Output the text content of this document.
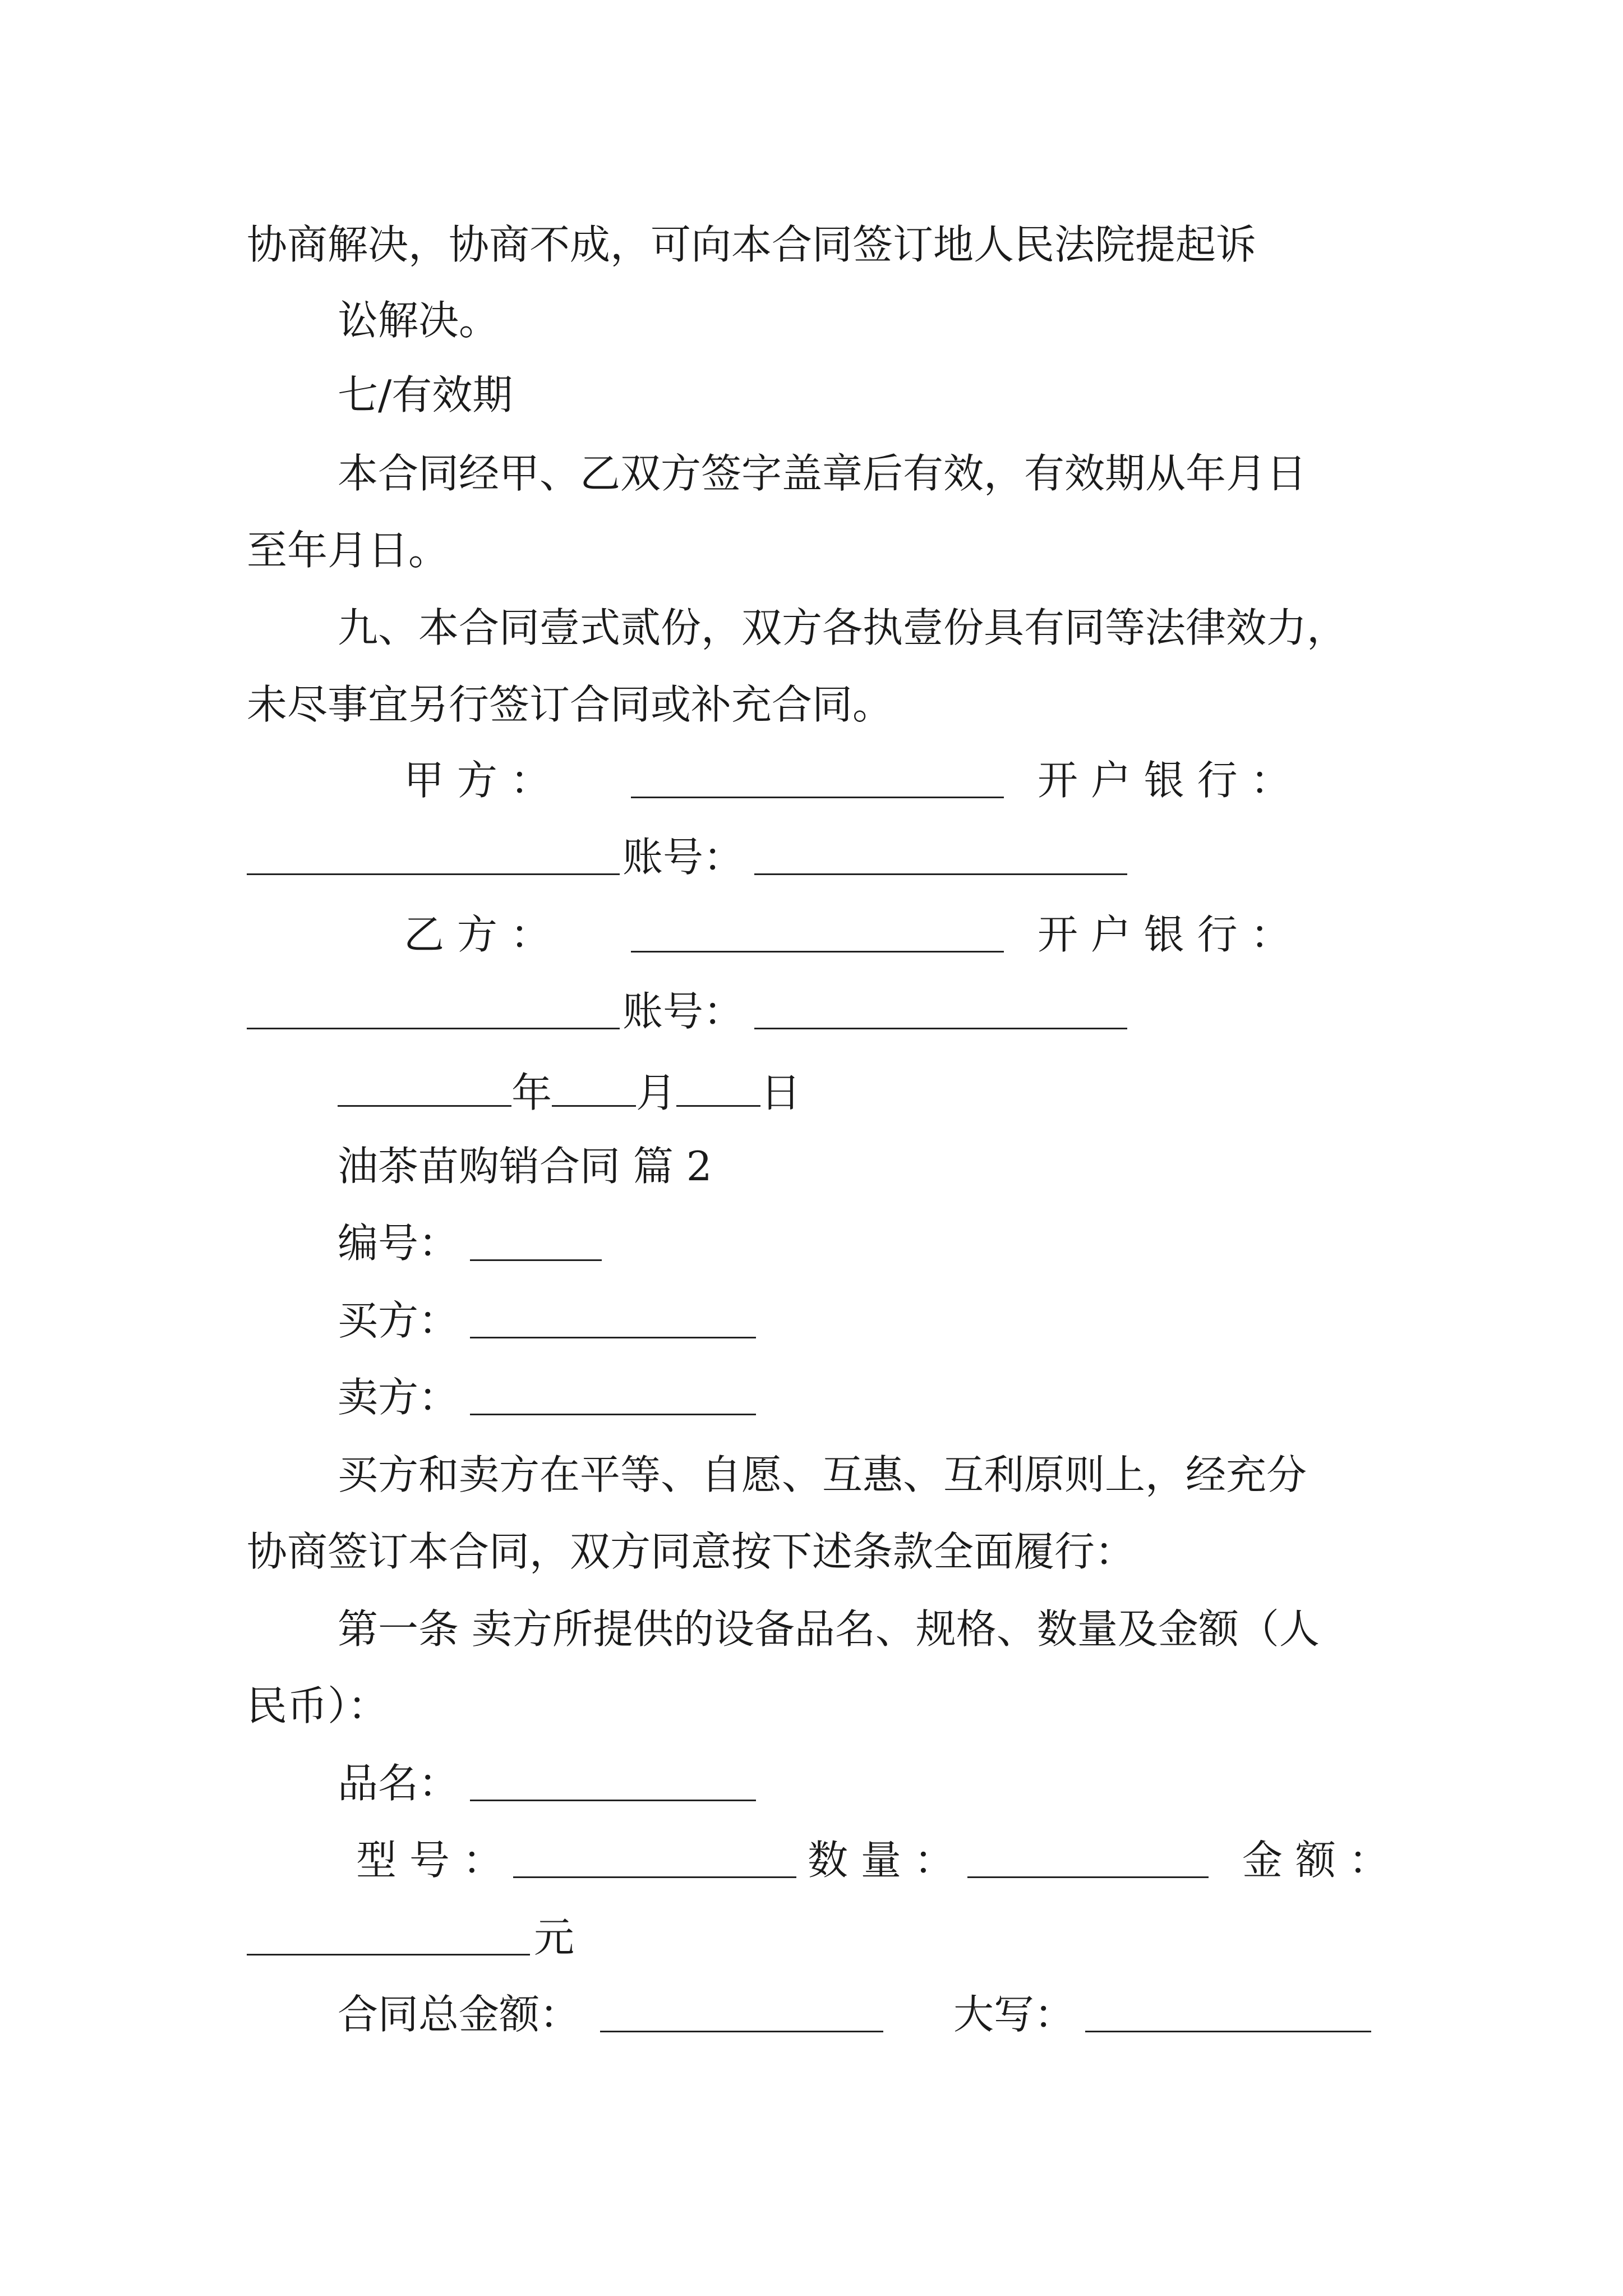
协商解决，协商不成，可向本合同签订地人民法院提起诉
讼解决。
七/有效期
本合同经甲、乙双方签字盖章后有效，有效期从年月日
至年月日。
九、本合同壹式贰份，双方各执壹份具有同等法律效力，
未尽事宜另行签订合同或补充合同。
甲 方 ：	开 户 银 行 ：
账号：
乙 方 ：	开 户 银 行 ：
账号：
年 月 日
油茶苗购销合同 篇 2
编号：
买方：
卖方：
买方和卖方在平等、自愿、互惠、互利原则上，经充分
协商签订本合同，双方同意按下述条款全面履行：
第一条 卖方所提供的设备品名、规格、数量及金额（人
民币）：
品名：
型 号 ：	数 量 ：	金 额 ：
元
合同总金额：	大写：
